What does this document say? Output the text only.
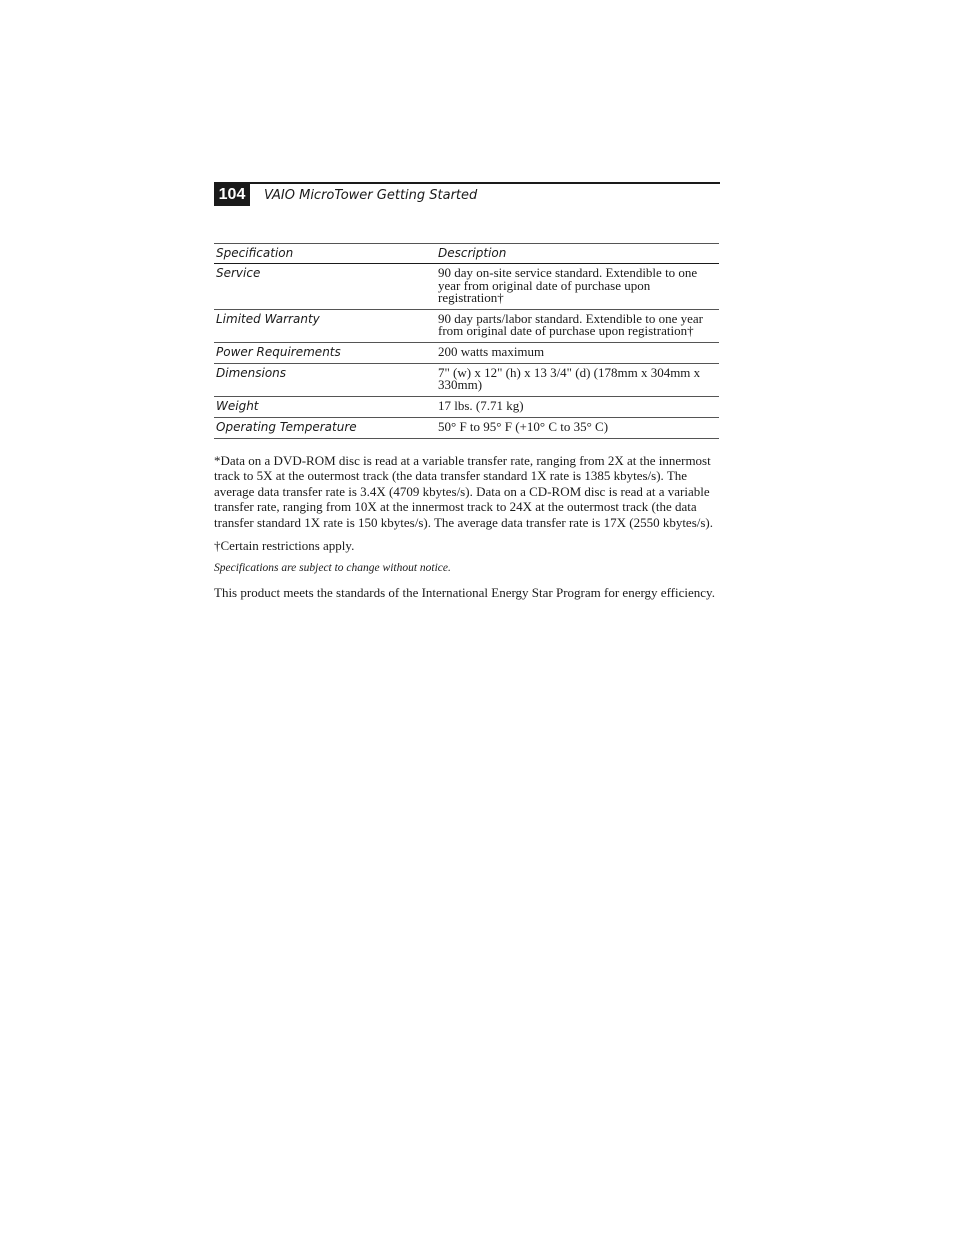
104	VAIO MicroTower Getting Started
Specification	Description
Service	90 day on-site service standard. Extendible to one year from original date of purchase upon registration†
Limited Warranty	90 day parts/labor standard. Extendible to one year from original date of purchase upon registration†
Power Requirements	200 watts maximum
Dimensions	7" (w) x 12" (h) x 13 3/4" (d) (178mm x 304mm x 330mm)
Weight	17 lbs. (7.71 kg)
Operating Temperature	50° F to 95° F (+10° C to 35° C)

*Data on a DVD-ROM disc is read at a variable transfer rate, ranging from 2X at the innermost track to 5X at the outermost track (the data transfer standard 1X rate is 1385 kbytes/s). The average data transfer rate is 3.4X (4709 kbytes/s). Data on a CD-ROM disc is read at a variable transfer rate, ranging from 10X at the innermost track to 24X at the outermost track (the data transfer standard 1X rate is 150 kbytes/s). The average data transfer rate is 17X (2550 kbytes/s).

†Certain restrictions apply.

Specifications are subject to change without notice.

This product meets the standards of the International Energy Star Program for energy efficiency.
